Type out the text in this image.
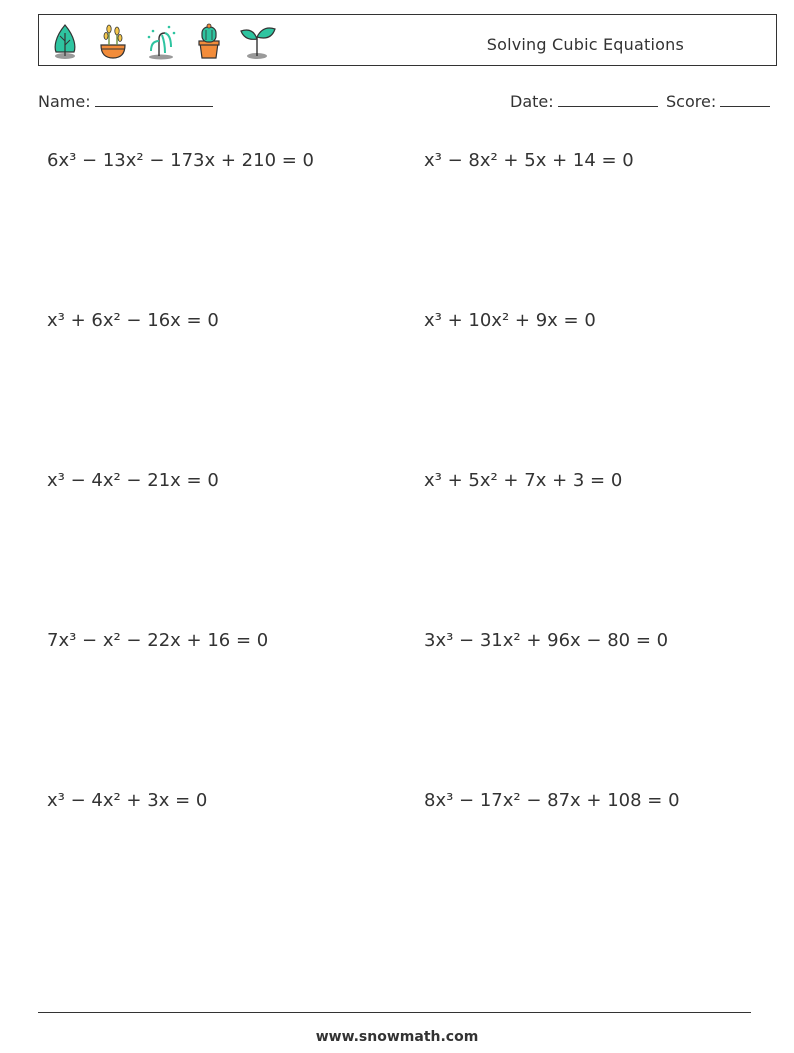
Solving Cubic Equations
Name:	Date:	Score:
6x³ − 13x² − 173x + 210 = 0	x³ − 8x² + 5x + 14 = 0
x³ + 6x² − 16x = 0	x³ + 10x² + 9x = 0
x³ − 4x² − 21x = 0	x³ + 5x² + 7x + 3 = 0
7x³ − x² − 22x + 16 = 0	3x³ − 31x² + 96x − 80 = 0
x³ − 4x² + 3x = 0	8x³ − 17x² − 87x + 108 = 0
www.snowmath.com
